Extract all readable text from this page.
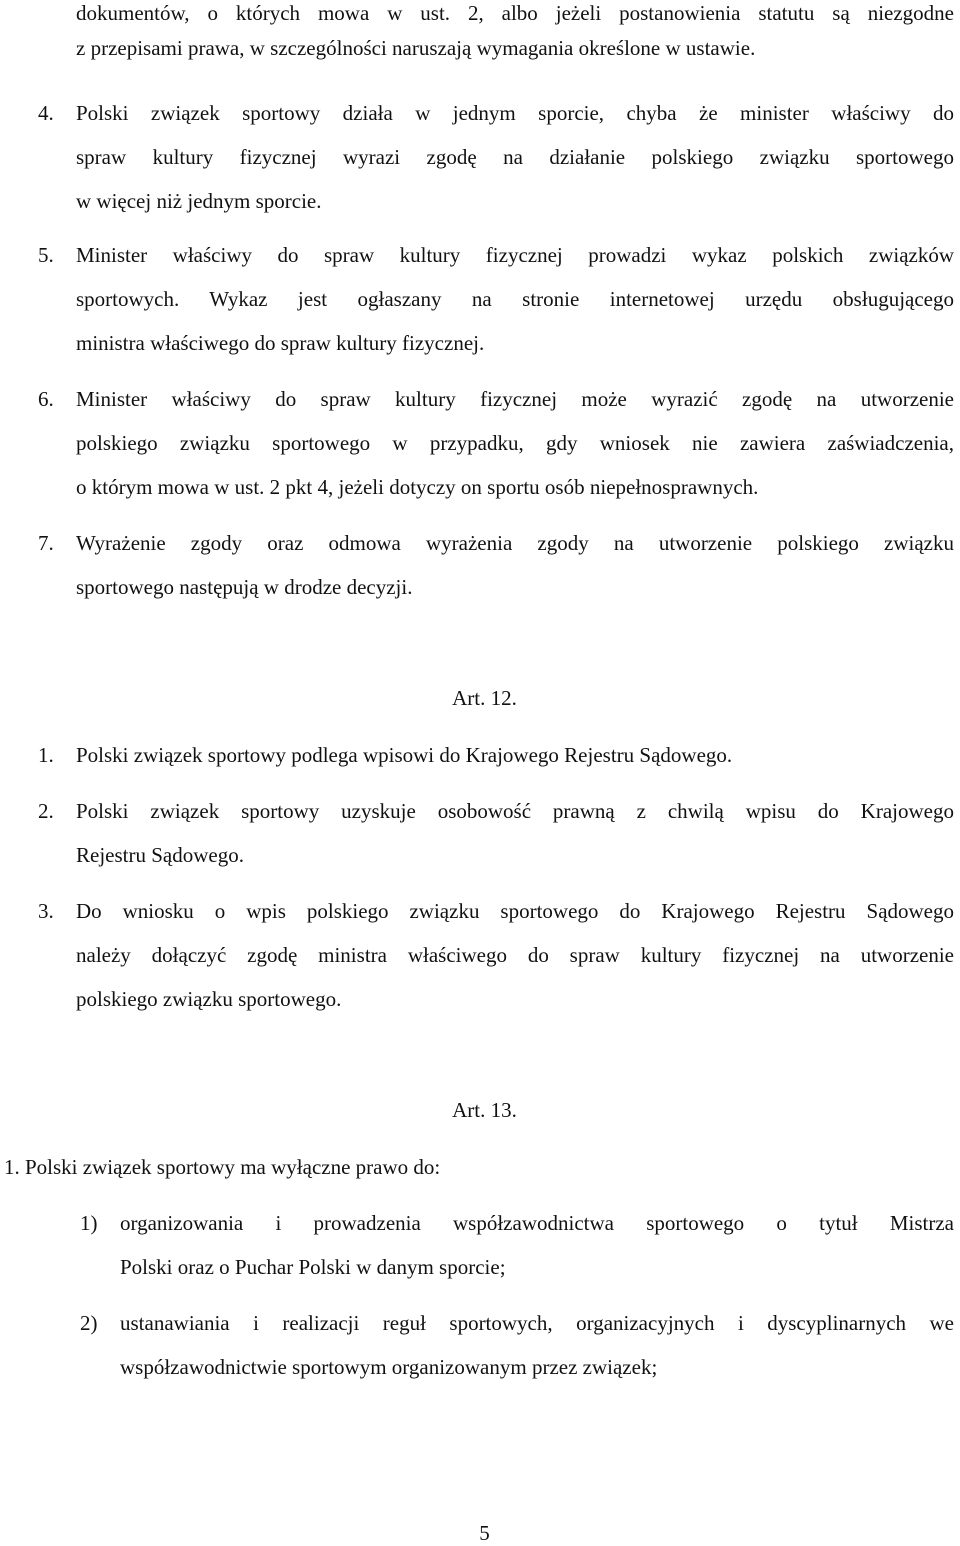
dokumentów, o których mowa w ust. 2, albo jeżeli postanowienia statutu są niezgodne
z przepisami prawa, w szczególności naruszają wymagania określone w ustawie.
4. Polski związek sportowy działa w jednym sporcie, chyba że minister właściwy do
spraw kultury fizycznej wyrazi zgodę na działanie polskiego związku sportowego
w więcej niż jednym sporcie.
5. Minister właściwy do spraw kultury fizycznej prowadzi wykaz polskich związków
sportowych. Wykaz jest ogłaszany na stronie internetowej urzędu obsługującego
ministra właściwego do spraw kultury fizycznej.
6. Minister właściwy do spraw kultury fizycznej może wyrazić zgodę na utworzenie
polskiego związku sportowego w przypadku, gdy wniosek nie zawiera zaświadczenia,
o którym mowa w ust. 2 pkt 4, jeżeli dotyczy on sportu osób niepełnosprawnych.
7. Wyrażenie zgody oraz odmowa wyrażenia zgody na utworzenie polskiego związku
sportowego następują w drodze decyzji.
Art. 12.
1. Polski związek sportowy podlega wpisowi do Krajowego Rejestru Sądowego.
2. Polski związek sportowy uzyskuje osobowość prawną z chwilą wpisu do Krajowego
Rejestru Sądowego.
3. Do wniosku o wpis polskiego związku sportowego do Krajowego Rejestru Sądowego
należy dołączyć zgodę ministra właściwego do spraw kultury fizycznej na utworzenie
polskiego związku sportowego.
Art. 13.
1. Polski związek sportowy ma wyłączne prawo do:
1) organizowania i prowadzenia współzawodnictwa sportowego o tytuł Mistrza
Polski oraz o Puchar Polski w danym sporcie;
2) ustanawiania i realizacji reguł sportowych, organizacyjnych i dyscyplinarnych we
współzawodnictwie sportowym organizowanym przez związek;
5
